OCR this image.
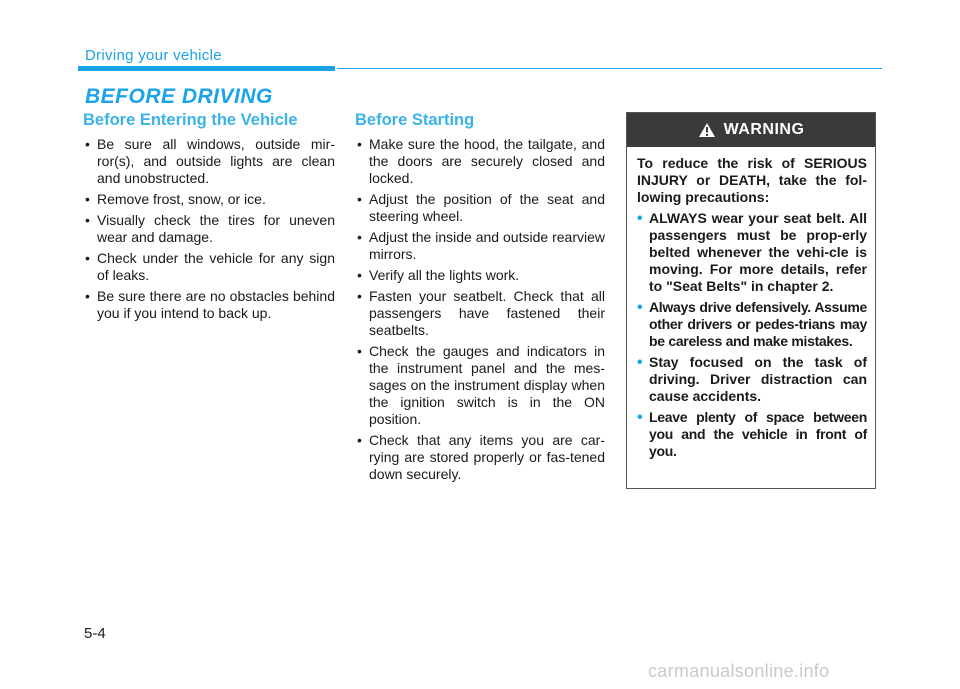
Driving your vehicle
BEFORE DRIVING
Before Entering the Vehicle
• Be sure all windows, outside mir-ror(s), and outside lights are clean and unobstructed.
• Remove frost, snow, or ice.
• Visually check the tires for uneven wear and damage.
• Check under the vehicle for any sign of leaks.
• Be sure there are no obstacles behind you if you intend to back up.
Before Starting
• Make sure the hood, the tailgate, and the doors are securely closed and locked.
• Adjust the position of the seat and steering wheel.
• Adjust the inside and outside rearview mirrors.
• Verify all the lights work.
• Fasten your seatbelt. Check that all passengers have fastened their seatbelts.
• Check the gauges and indicators in the instrument panel and the mes-sages on the instrument display when the ignition switch is in the ON position.
• Check that any items you are car-rying are stored properly or fas-tened down securely.
WARNING

To reduce the risk of SERIOUS INJURY or DEATH, take the fol-lowing precautions:

• ALWAYS wear your seat belt. All passengers must be prop-erly belted whenever the vehi-cle is moving. For more details, refer to "Seat Belts" in chapter 2.
• Always drive defensively. Assume other drivers or pedes-trians may be careless and make mistakes.
• Stay focused on the task of driving. Driver distraction can cause accidents.
• Leave plenty of space between you and the vehicle in front of you.
5-4
carmanualsonline.info
